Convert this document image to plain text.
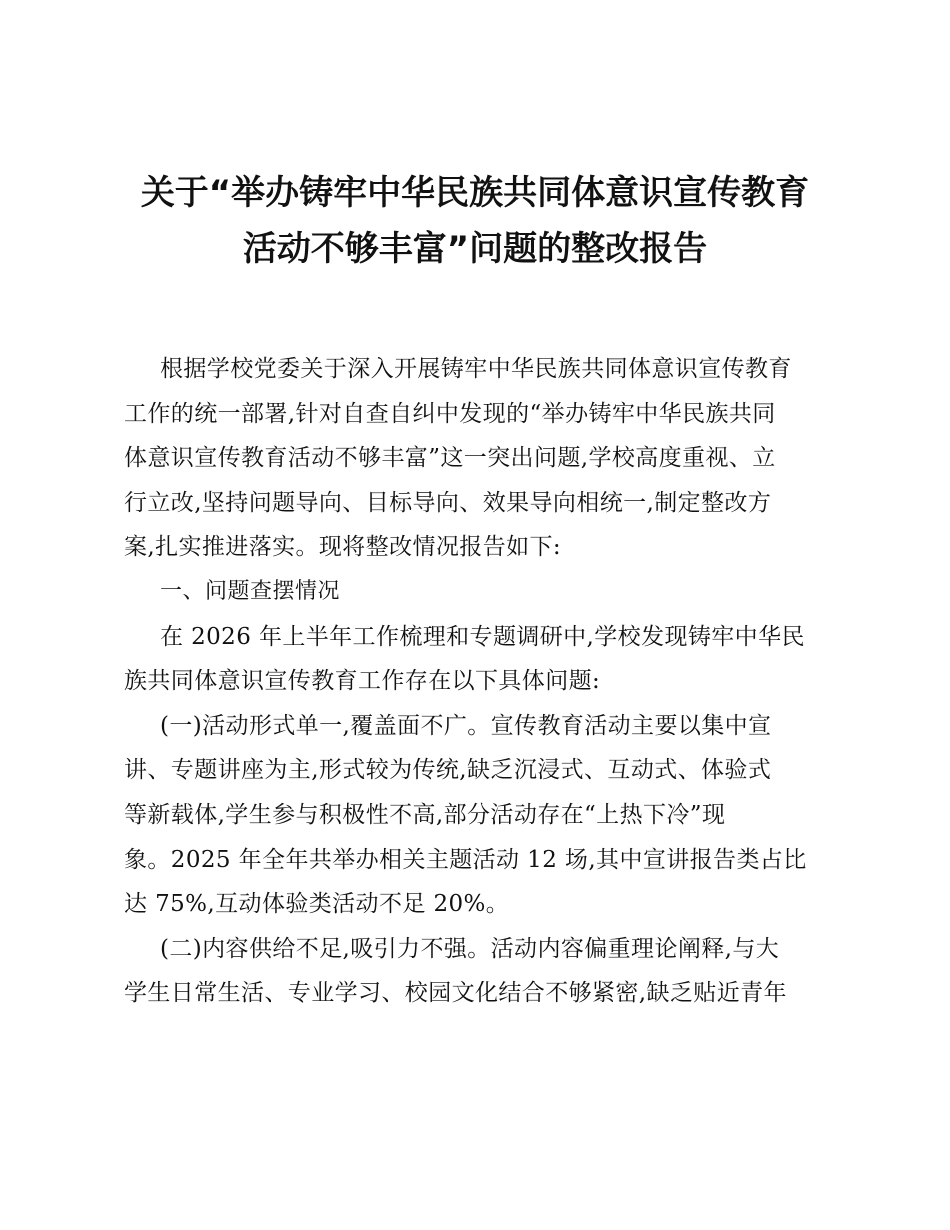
关于“举办铸牢中华民族共同体意识宣传教育
活动不够丰富”问题的整改报告
根据学校党委关于深入开展铸牢中华民族共同体意识宣传教育
工作的统一部署,针对自查自纠中发现的“举办铸牢中华民族共同
体意识宣传教育活动不够丰富”这一突出问题,学校高度重视、立
行立改,坚持问题导向、目标导向、效果导向相统一,制定整改方
案,扎实推进落实。现将整改情况报告如下:
一、问题查摆情况
在 2026 年上半年工作梳理和专题调研中,学校发现铸牢中华民
族共同体意识宣传教育工作存在以下具体问题:
(一)活动形式单一,覆盖面不广。宣传教育活动主要以集中宣
讲、专题讲座为主,形式较为传统,缺乏沉浸式、互动式、体验式
等新载体,学生参与积极性不高,部分活动存在“上热下冷”现
象。2025 年全年共举办相关主题活动 12 场,其中宣讲报告类占比
达 75%,互动体验类活动不足 20%。
(二)内容供给不足,吸引力不强。活动内容偏重理论阐释,与大
学生日常生活、专业学习、校园文化结合不够紧密,缺乏贴近青年
